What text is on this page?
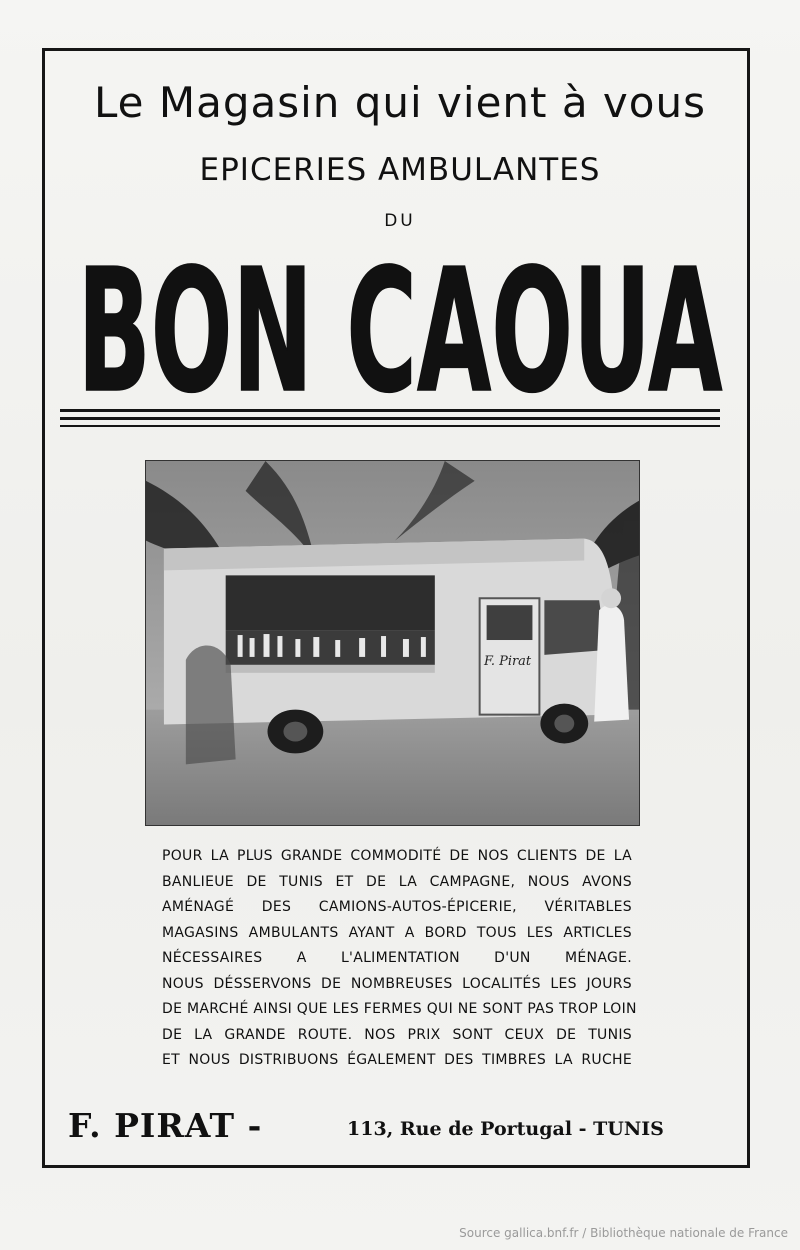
Le Magasin qui vient à vous
EPICERIES AMBULANTES
DU
BON CAOUA
F. Pirat
POUR LA PLUS GRANDE COMMODITÉ DE NOS CLIENTS DE LA
BANLIEUE DE TUNIS ET DE LA CAMPAGNE, NOUS AVONS
AMÉNAGÉ DES CAMIONS-AUTOS-ÉPICERIE, VÉRITABLES
MAGASINS AMBULANTS AYANT A BORD TOUS LES ARTICLES
NÉCESSAIRES A L'ALIMENTATION D'UN MÉNAGE.
NOUS DÉSSERVONS DE NOMBREUSES LOCALITÉS LES JOURS
DE MARCHÉ AINSI QUE LES FERMES QUI NE SONT PAS TROP LOIN
DE LA GRANDE ROUTE. NOS PRIX SONT CEUX DE TUNIS
ET NOUS DISTRIBUONS ÉGALEMENT DES TIMBRES LA RUCHE
F. PIRAT -	113, Rue de Portugal - TUNIS
Source gallica.bnf.fr / Bibliothèque nationale de France
